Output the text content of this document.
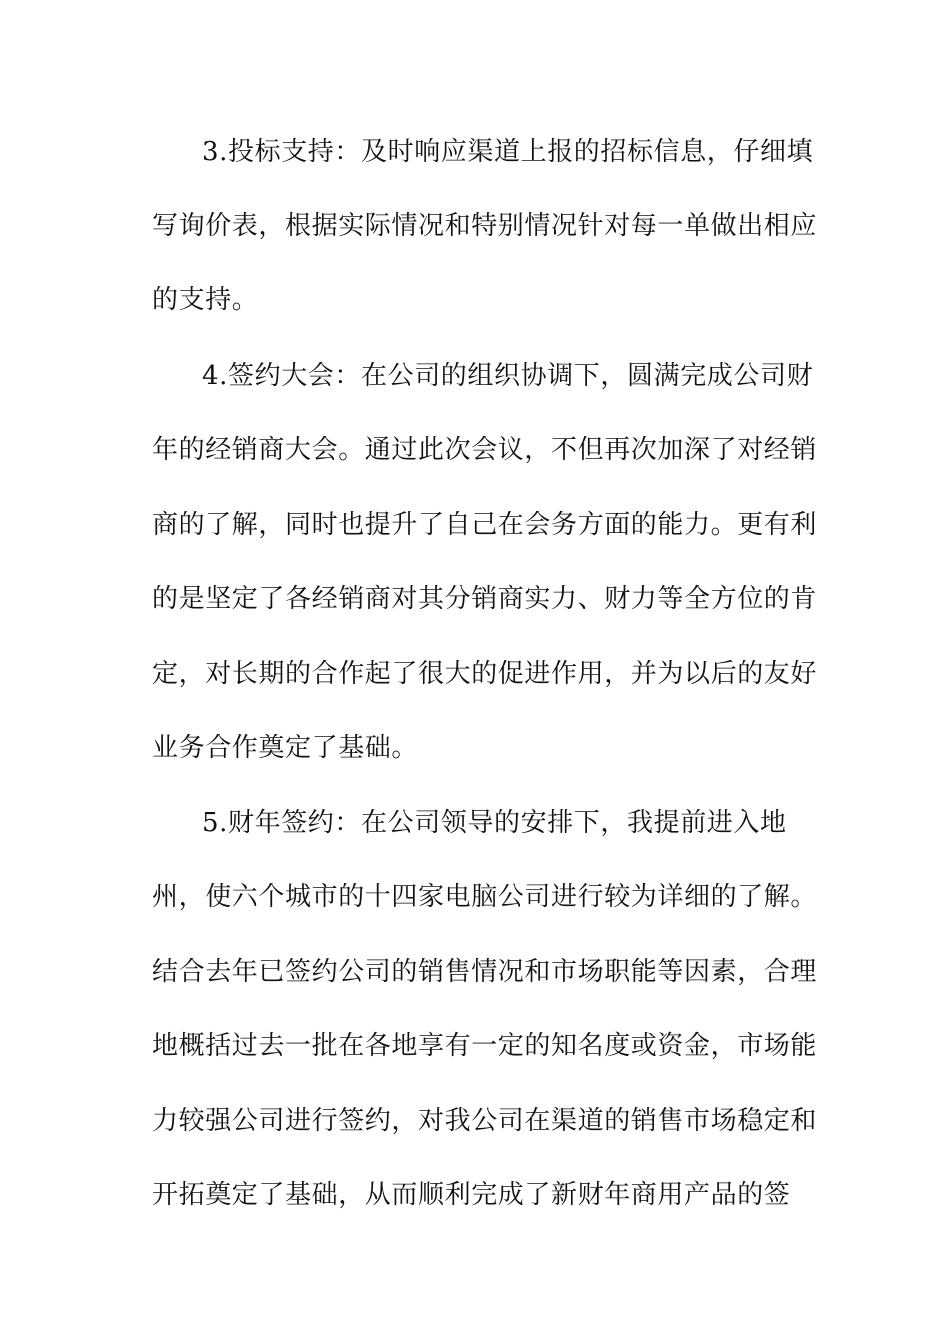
3.投标支持：及时响应渠道上报的招标信息，仔细填
写询价表，根据实际情况和特别情况针对每一单做出相应
的支持。
4.签约大会：在公司的组织协调下，圆满完成公司财
年的经销商大会。通过此次会议，不但再次加深了对经销
商的了解，同时也提升了自己在会务方面的能力。更有利
的是坚定了各经销商对其分销商实力、财力等全方位的肯
定，对长期的合作起了很大的促进作用，并为以后的友好
业务合作奠定了基础。
5.财年签约：在公司领导的安排下，我提前进入地
州，使六个城市的十四家电脑公司进行较为详细的了解。
结合去年已签约公司的销售情况和市场职能等因素，合理
地概括过去一批在各地享有一定的知名度或资金，市场能
力较强公司进行签约，对我公司在渠道的销售市场稳定和
开拓奠定了基础，从而顺利完成了新财年商用产品的签
